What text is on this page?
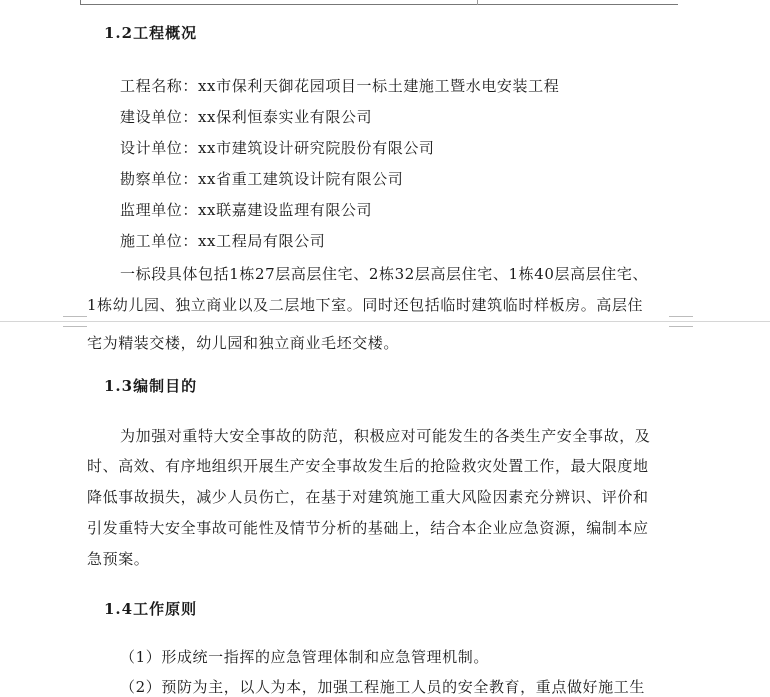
1.2工程概况
工程名称：xx市保利天御花园项目一标土建施工暨水电安装工程
建设单位：xx保利恒泰实业有限公司
设计单位：xx市建筑设计研究院股份有限公司
勘察单位：xx省重工建筑设计院有限公司
监理单位：xx联嘉建设监理有限公司
施工单位：xx工程局有限公司
一标段具体包括1栋27层高层住宅、2栋32层高层住宅、1栋40层高层住宅、
1栋幼儿园、独立商业以及二层地下室。同时还包括临时建筑临时样板房。高层住
宅为精装交楼，幼儿园和独立商业毛坯交楼。
1.3编制目的
为加强对重特大安全事故的防范，积极应对可能发生的各类生产安全事故，及
时、高效、有序地组织开展生产安全事故发生后的抢险救灾处置工作，最大限度地
降低事故损失，减少人员伤亡，在基于对建筑施工重大风险因素充分辨识、评价和
引发重特大安全事故可能性及情节分析的基础上，结合本企业应急资源，编制本应
急预案。
1.4工作原则
（1）形成统一指挥的应急管理体制和应急管理机制。
（2）预防为主，以人为本，加强工程施工人员的安全教育，重点做好施工生
